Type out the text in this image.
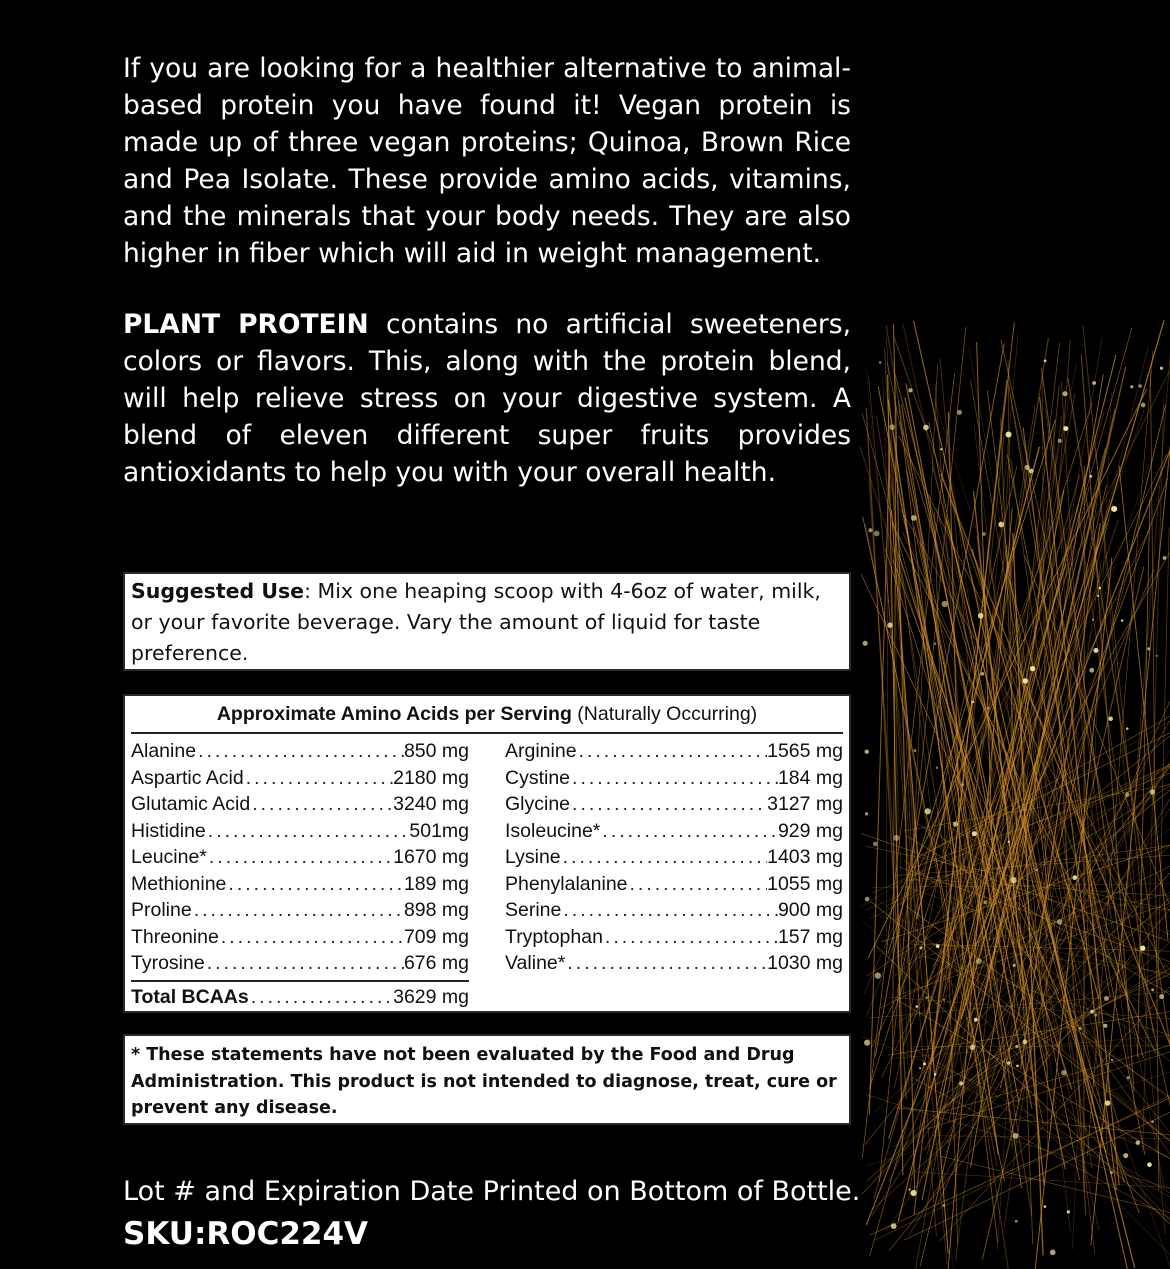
If you are looking for a healthier alternative to animal-based protein you have found it! Vegan protein is made up of three vegan proteins; Quinoa, Brown Rice and Pea Isolate. These provide amino acids, vitamins, and the minerals that your body needs. They are also higher in fiber which will aid in weight management.

PLANT PROTEIN contains no artificial sweeteners, colors or flavors. This, along with the protein blend, will help relieve stress on your digestive system. A blend of eleven different super fruits provides antioxidants to help you with your overall health.

Suggested Use: Mix one heaping scoop with 4-6oz of water, milk, or your favorite beverage. Vary the amount of liquid for taste preference.
Approximate Amino Acids per Serving (Naturally Occurring)
Alanine .....	850 mg
Aspartic Acid .....	2180 mg
Glutamic Acid .....	3240 mg
Histidine .....	501mg
Leucine* .....	1670 mg
Methionine .....	189 mg
Proline .....	898 mg
Threonine .....	709 mg
Tyrosine .....	676 mg
Arginine .....	1565 mg
Cystine .....	184 mg
Glycine .....	3127 mg
Isoleucine* .....	929 mg
Lysine .....	1403 mg
Phenylalanine .....	1055 mg
Serine .....	900 mg
Tryptophan .....	157 mg
Valine* .....	1030 mg
Total BCAAs .....	3629 mg
* These statements have not been evaluated by the Food and Drug Administration. This product is not intended to diagnose, treat, cure or prevent any disease.
Lot # and Expiration Date Printed on Bottom of Bottle.
SKU:ROC224V
